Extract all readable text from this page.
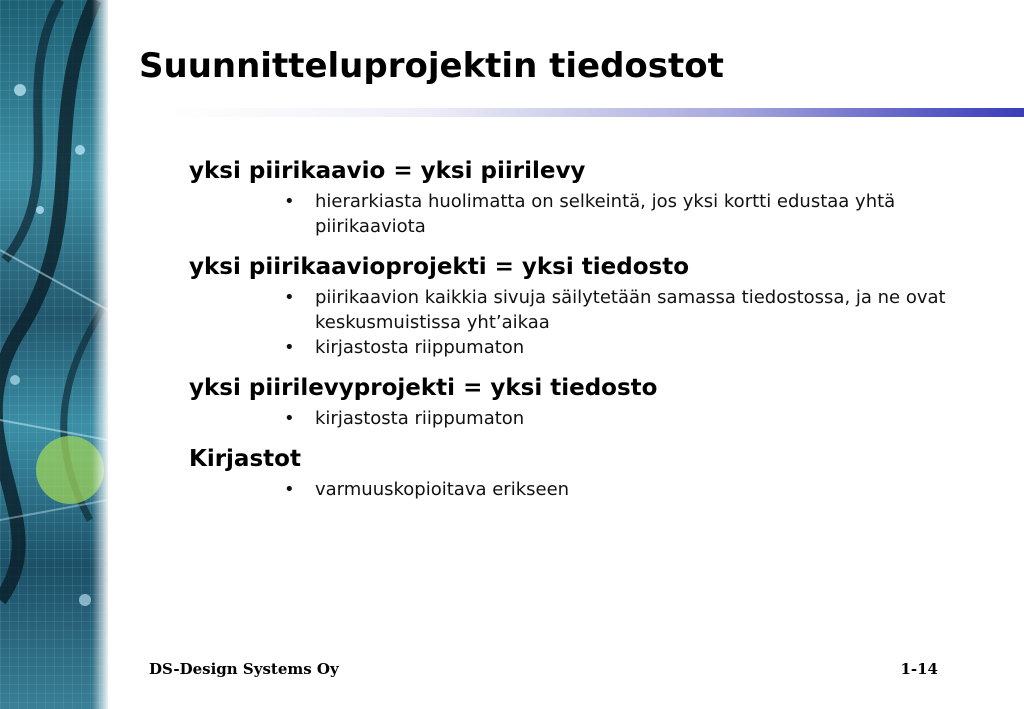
Suunnitteluprojektin tiedostot
yksi piirikaavio = yksi piirilevy
• hierarkiasta huolimatta on selkeintä, jos yksi kortti edustaa yhtä piirikaaviota
yksi piirikaavioprojekti = yksi tiedosto
• piirikaavion kaikkia sivuja säilytetään samassa tiedostossa, ja ne ovat keskusmuistissa yht’aikaa
• kirjastosta riippumaton
yksi piirilevyprojekti = yksi tiedosto
• kirjastosta riippumaton
Kirjastot
• varmuuskopioitava erikseen
DS-Design Systems Oy	1-14
